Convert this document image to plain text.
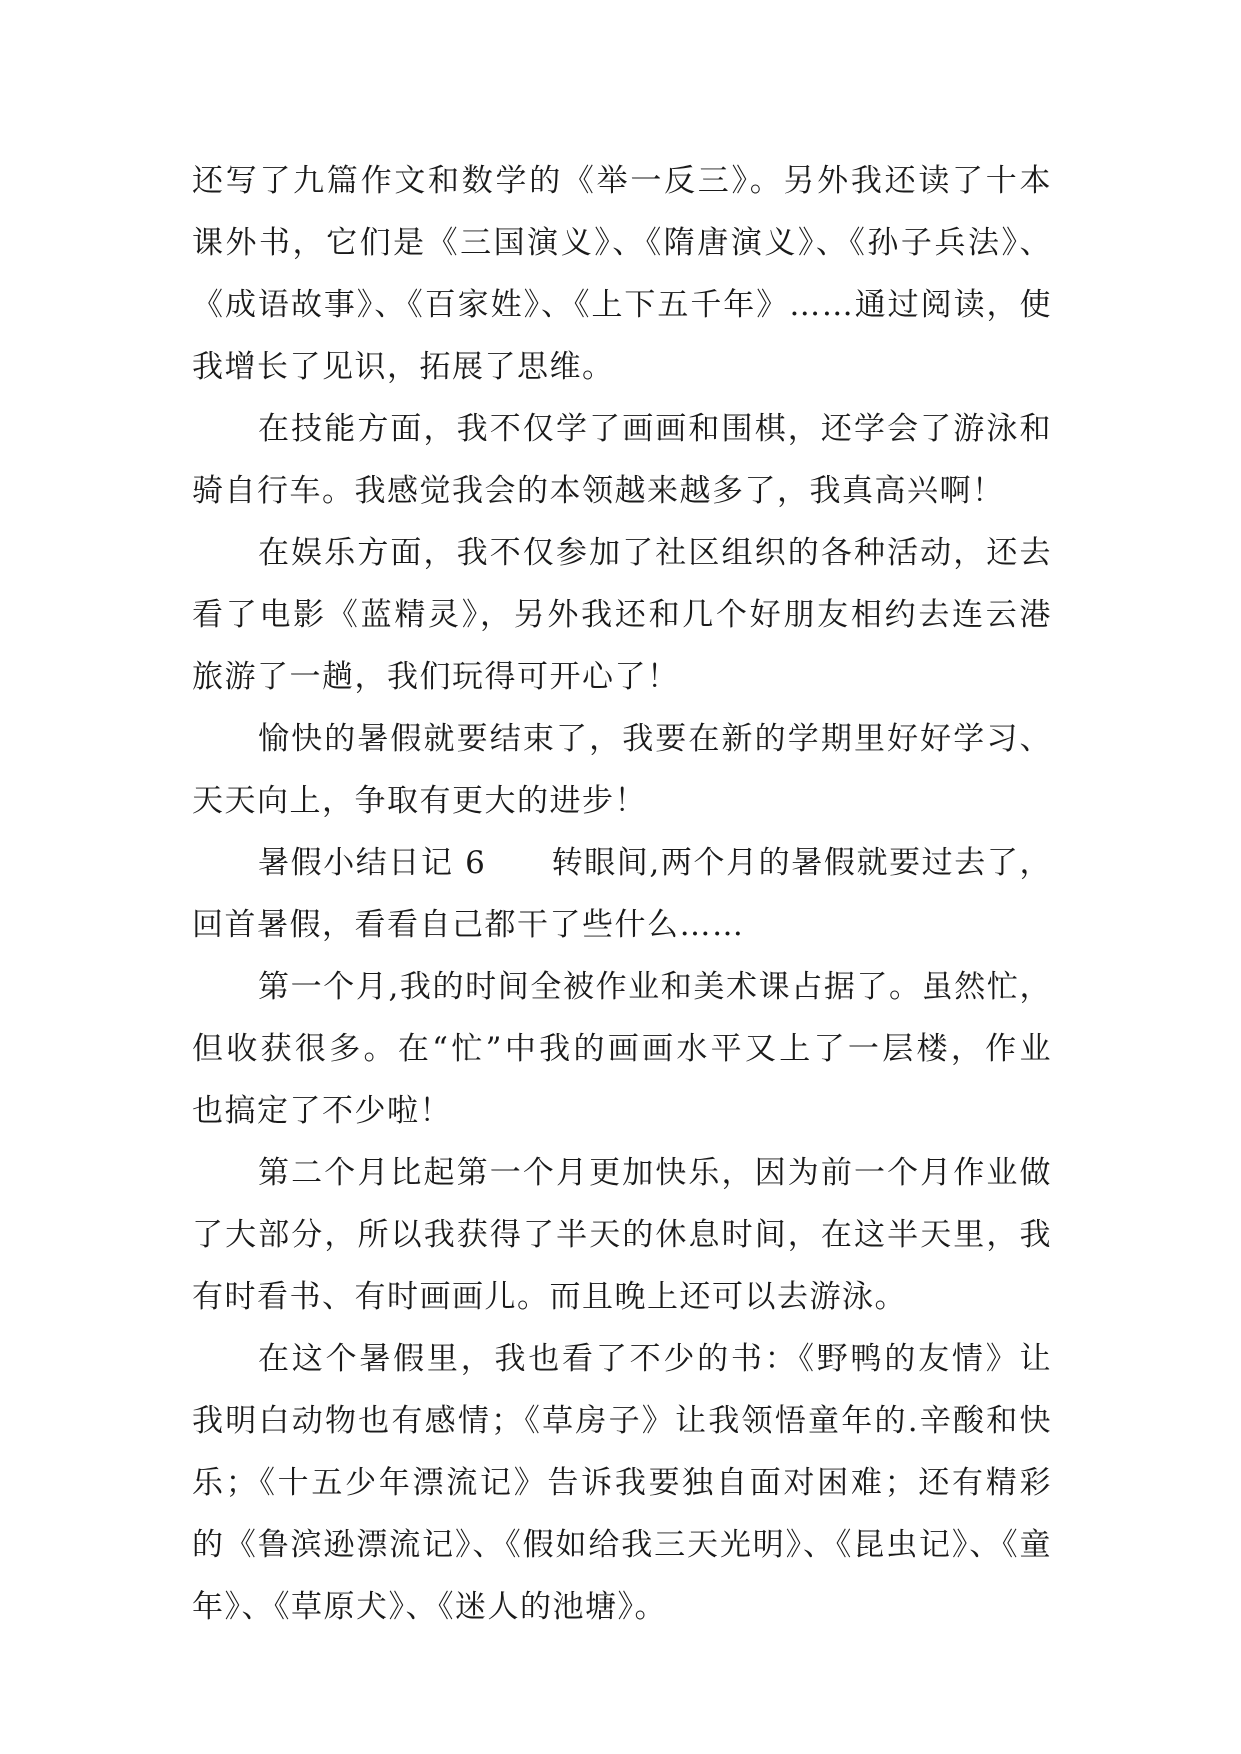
还写了九篇作文和数学的《举一反三》。另外我还读了十本
课外书，它们是《三国演义》、《隋唐演义》、《孙子兵法》、
《成语故事》、《百家姓》、《上下五千年》……通过阅读，使
我增长了见识，拓展了思维。
在技能方面，我不仅学了画画和围棋，还学会了游泳和
骑自行车。我感觉我会的本领越来越多了，我真高兴啊！
在娱乐方面，我不仅参加了社区组织的各种活动，还去
看了电影《蓝精灵》，另外我还和几个好朋友相约去连云港
旅游了一趟，我们玩得可开心了！
愉快的暑假就要结束了，我要在新的学期里好好学习、
天天向上，争取有更大的进步！
暑假小结日记 6　　转眼间,两个月的暑假就要过去了，
回首暑假，看看自己都干了些什么……
第一个月,我的时间全被作业和美术课占据了。虽然忙，
但收获很多。在“忙”中我的画画水平又上了一层楼，作业
也搞定了不少啦！
第二个月比起第一个月更加快乐，因为前一个月作业做
了大部分，所以我获得了半天的休息时间，在这半天里，我
有时看书、有时画画儿。而且晚上还可以去游泳。
在这个暑假里，我也看了不少的书：《野鸭的友情》让
我明白动物也有感情；《草房子》让我领悟童年的.辛酸和快
乐；《十五少年漂流记》告诉我要独自面对困难；还有精彩
的《鲁滨逊漂流记》、《假如给我三天光明》、《昆虫记》、《童
年》、《草原犬》、《迷人的池塘》。
